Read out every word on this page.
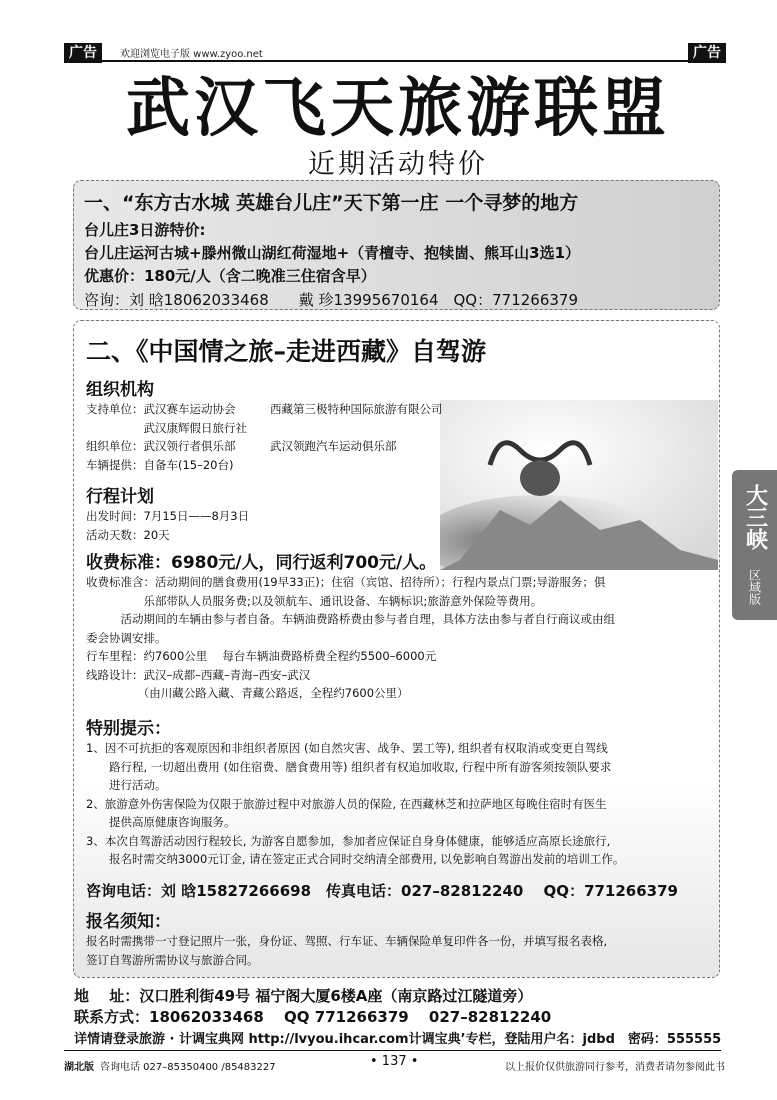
广告	欢迎浏览电子版 www.zyoo.net	广告
武汉飞天旅游联盟
近期活动特价
一、“东方古水城 英雄台儿庄”天下第一庄 一个寻梦的地方
台儿庄3日游特价:
台儿庄运河古城+滕州微山湖红荷湿地+（青檀寺、抱犊崮、熊耳山3选1）
优惠价：180元/人（含二晚准三住宿含早）
咨询：刘 晗18062033468　　戴 珍13995670164　QQ：771266379
二、《中国情之旅–走进西藏》自驾游
组织机构
支持单位：武汉赛车运动协会　　　西藏第三极特种国际旅游有限公司
　　　　　武汉康辉假日旅行社
组织单位：武汉领行者俱乐部　　　武汉领跑汽车运动俱乐部
车辆提供：自备车(15–20台)
行程计划
出发时间：7月15日——8月3日
活动天数：20天
收费标准：6980元/人，同行返利700元/人。
收费标准含：活动期间的膳食费用(19早33正)；住宿（宾馆、招待所）；行程内景点门票;导游服务；俱
　　　　　乐部带队人员服务费;以及领航车、通讯设备、车辆标识;旅游意外保险等费用。
　　　活动期间的车辆由参与者自备。车辆油费路桥费由参与者自理，具体方法由参与者自行商议或由组
委会协调安排。
行车里程：约7600公里　 每台车辆油费路桥费全程约5500–6000元
线路设计：武汉–成都–西藏–青海–西安–武汉
　　　　　（由川藏公路入藏、青藏公路返，全程约7600公里）
特别提示：
1、因不可抗拒的客观原因和非组织者原因 (如自然灾害、战争、罢工等), 组织者有权取消或变更自驾线
　　路行程, 一切超出费用 (如住宿费、膳食费用等) 组织者有权追加收取, 行程中所有游客须按领队要求
　　进行活动。
2、旅游意外伤害保险为仅限于旅游过程中对旅游人员的保险, 在西藏林芝和拉萨地区每晚住宿时有医生
　　提供高原健康咨询服务。
3、本次自驾游活动因行程较长, 为游客自愿参加，参加者应保证自身身体健康，能够适应高原长途旅行,
　　报名时需交纳3000元订金, 请在签定正式合同时交纳清全部费用, 以免影响自驾游出发前的培训工作。
咨询电话：刘 晗15827266698　传真电话：027–82812240　 QQ：771266379
报名须知：
报名时需携带一寸登记照片一张，身份证、驾照、行车证、车辆保险单复印件各一份，并填写报名表格,
签订自驾游所需协议与旅游合同。
地　 址：汉口胜利街49号 福宁阁大厦6楼A座（南京路过江隧道旁）
联系方式：18062033468　 QQ 771266379　 027–82812240
详情请登录旅游 · 计调宝典网 http://lvyou.ihcar.com计调宝典’专栏，登陆用户名：jdbd　密码：555555
湖北版 咨询电话 027–85350400 /85483227	• 137 •	以上报价仅供旅游同行参考，消费者请勿参阅此书
大三峡
区域版
